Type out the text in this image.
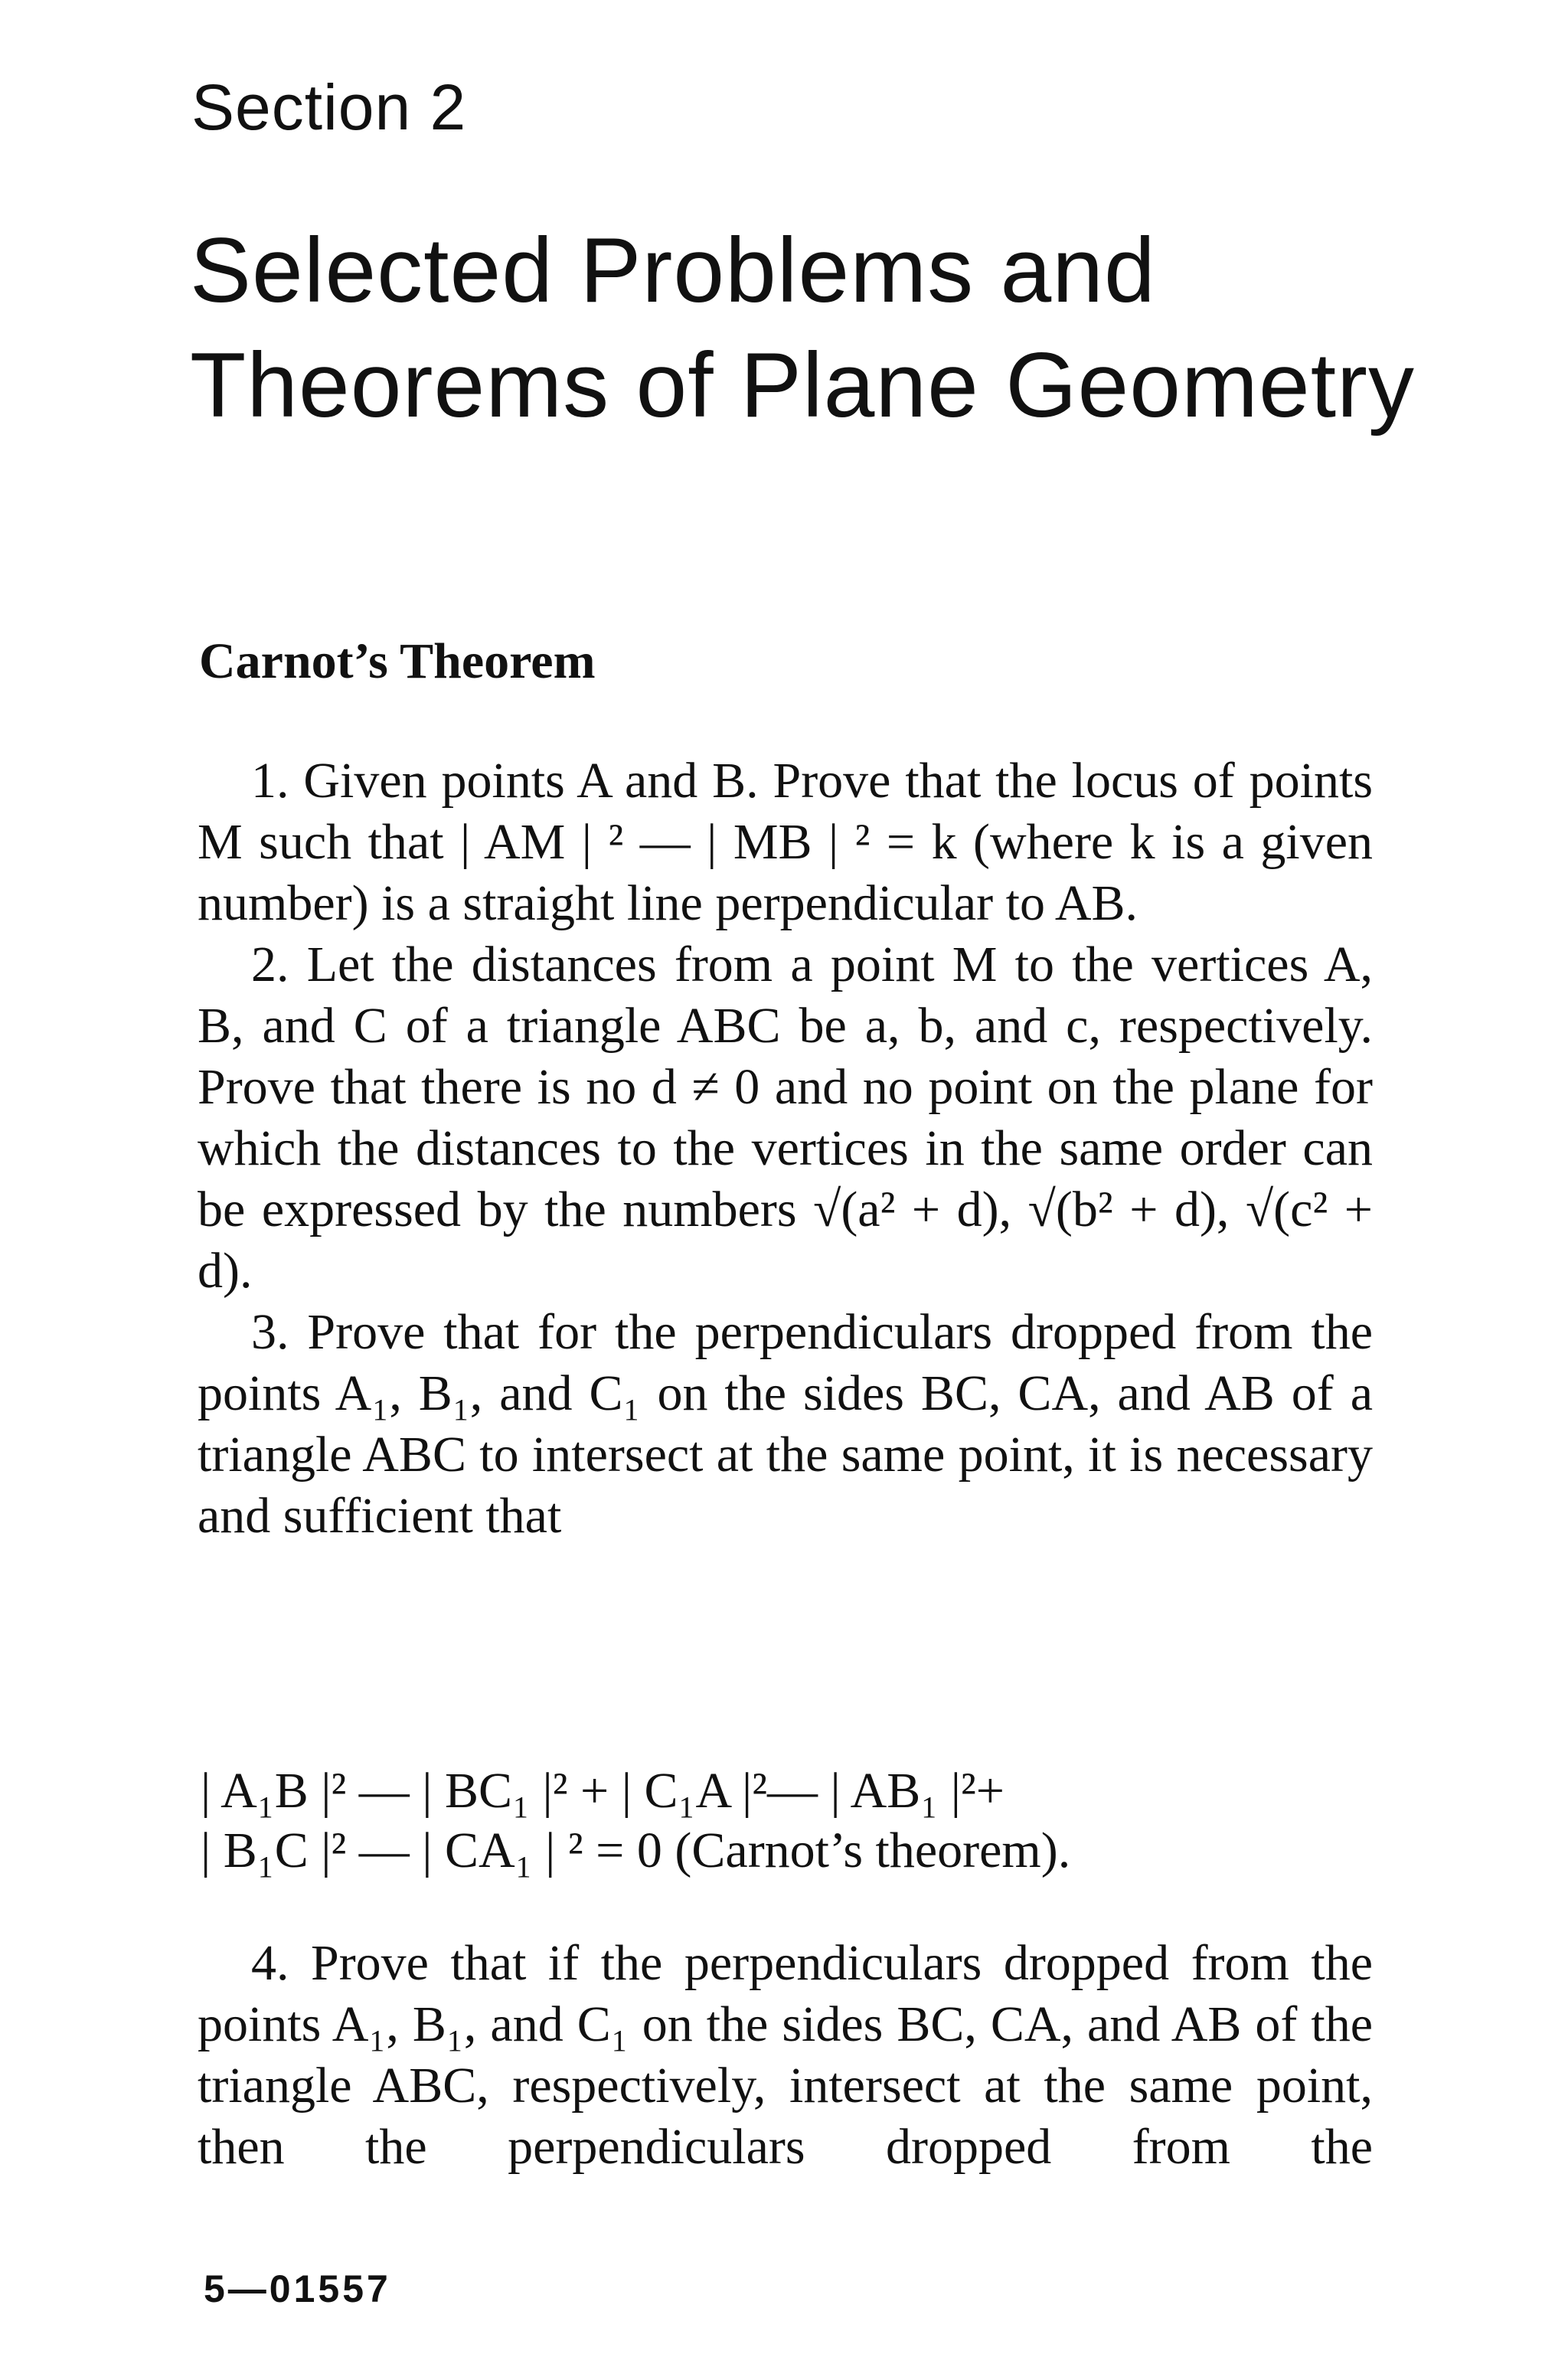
Section 2
Selected Problems and
Theorems of Plane Geometry
Carnot’s Theorem

1. Given points A and B. Prove that the locus of points M such that | AM | ² — | MB | ² = k (where k is a given number) is a straight line perpendicular to AB.

2. Let the distances from a point M to the vertices A, B, and C of a triangle ABC be a, b, and c, respectively. Prove that there is no d ≠ 0 and no point on the plane for which the distances to the vertices in the same order can be expressed by the numbers √(a² + d), √(b² + d), √(c² + d).

3. Prove that for the perpendiculars dropped from the points A₁, B₁, and C₁ on the sides BC, CA, and AB of a triangle ABC to intersect at the same point, it is necessary and sufficient that

| A₁B |² — | BC₁ |² + | C₁A |²— | AB₁ |²+
| B₁C |² — | CA₁ | ² = 0 (Carnot’s theorem).

4. Prove that if the perpendiculars dropped from the points A₁, B₁, and C₁ on the sides BC, CA, and AB of the triangle ABC, respectively, intersect at the same point, then the perpendiculars dropped from the

5—01557
